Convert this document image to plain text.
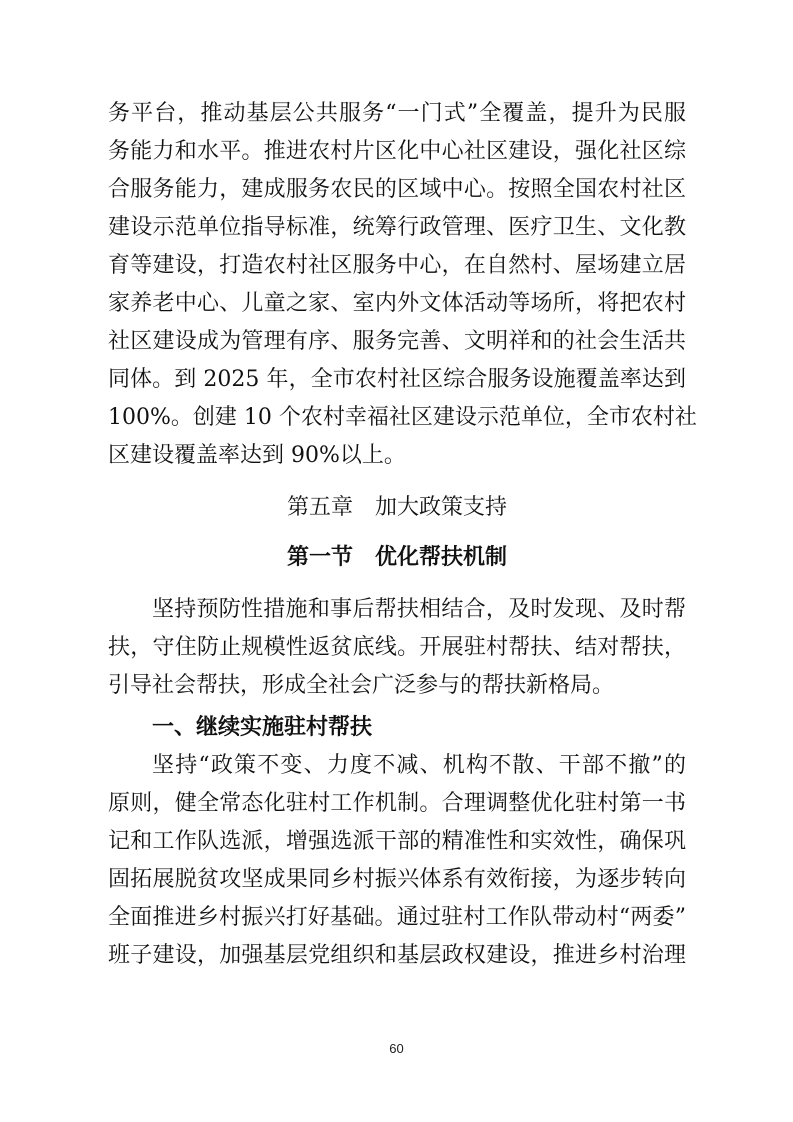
务平台，推动基层公共服务“一门式”全覆盖，提升为民服
务能力和水平。推进农村片区化中心社区建设，强化社区综
合服务能力，建成服务农民的区域中心。按照全国农村社区
建设示范单位指导标准，统筹行政管理、医疗卫生、文化教
育等建设，打造农村社区服务中心，在自然村、屋场建立居
家养老中心、儿童之家、室内外文体活动等场所，将把农村
社区建设成为管理有序、服务完善、文明祥和的社会生活共
同体。到 2025 年，全市农村社区综合服务设施覆盖率达到
100%。创建 10 个农村幸福社区建设示范单位，全市农村社
区建设覆盖率达到 90%以上。
第五章　加大政策支持
第一节　优化帮扶机制
坚持预防性措施和事后帮扶相结合，及时发现、及时帮
扶，守住防止规模性返贫底线。开展驻村帮扶、结对帮扶，
引导社会帮扶，形成全社会广泛参与的帮扶新格局。
一、继续实施驻村帮扶
坚持“政策不变、力度不减、机构不散、干部不撤”的
原则，健全常态化驻村工作机制。合理调整优化驻村第一书
记和工作队选派，增强选派干部的精准性和实效性，确保巩
固拓展脱贫攻坚成果同乡村振兴体系有效衔接，为逐步转向
全面推进乡村振兴打好基础。通过驻村工作队带动村“两委”
班子建设，加强基层党组织和基层政权建设，推进乡村治理
60
